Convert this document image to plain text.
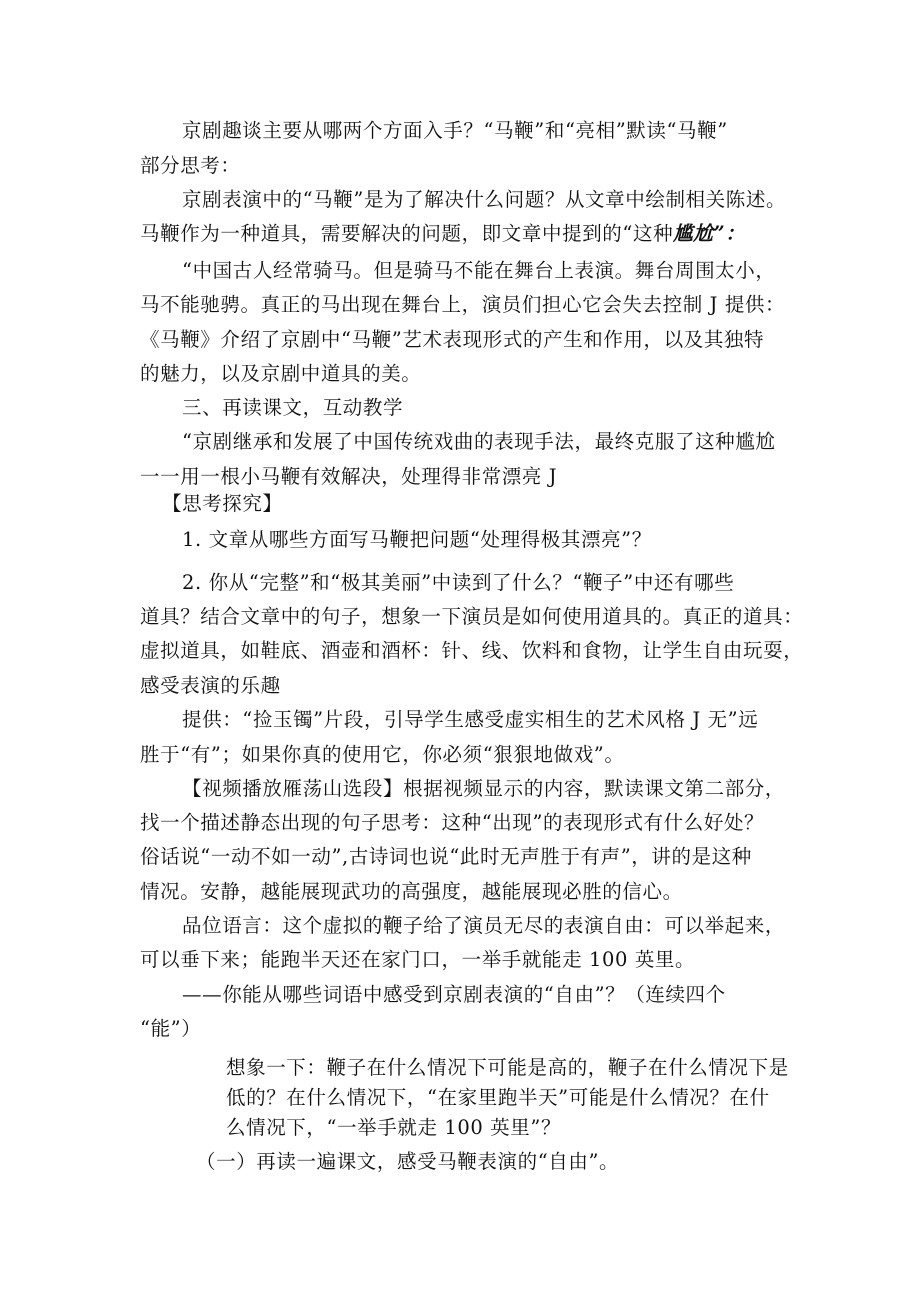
京剧趣谈主要从哪两个方面入手？“马鞭”和“亮相”默读“马鞭”
部分思考：
京剧表演中的“马鞭”是为了解决什么问题？从文章中绘制相关陈述。
马鞭作为一种道具，需要解决的问题，即文章中提到的“这种尴尬”：
“中国古人经常骑马。但是骑马不能在舞台上表演。舞台周围太小，
马不能驰骋。真正的马出现在舞台上，演员们担心它会失去控制 J 提供：
《马鞭》介绍了京剧中“马鞭”艺术表现形式的产生和作用，以及其独特
的魅力，以及京剧中道具的美。
三、再读课文，互动教学
“京剧继承和发展了中国传统戏曲的表现手法，最终克服了这种尴尬
一一用一根小马鞭有效解决，处理得非常漂亮 J
【思考探究】
1. 文章从哪些方面写马鞭把问题“处理得极其漂亮”？
2. 你从“完整”和“极其美丽”中读到了什么？“鞭子”中还有哪些
道具？结合文章中的句子，想象一下演员是如何使用道具的。真正的道具：
虚拟道具，如鞋底、酒壶和酒杯：针、线、饮料和食物，让学生自由玩耍，
感受表演的乐趣
提供：“捡玉镯”片段，引导学生感受虚实相生的艺术风格 J 无”远
胜于“有”；如果你真的使用它，你必须“狠狠地做戏”。
【视频播放雁荡山选段】根据视频显示的内容，默读课文第二部分，
找一个描述静态出现的句子思考：这种“出现”的表现形式有什么好处？
俗话说“一动不如一动”,古诗词也说“此时无声胜于有声”，讲的是这种
情况。安静，越能展现武功的高强度，越能展现必胜的信心。
品位语言：这个虚拟的鞭子给了演员无尽的表演自由：可以举起来，
可以垂下来；能跑半天还在家门口，一举手就能走 100 英里。
——你能从哪些词语中感受到京剧表演的“自由”？（连续四个
“能”）
想象一下：鞭子在什么情况下可能是高的，鞭子在什么情况下是
低的？在什么情况下，“在家里跑半天”可能是什么情况？在什
么情况下，“一举手就走 100 英里”？
（一）再读一遍课文，感受马鞭表演的“自由”。
